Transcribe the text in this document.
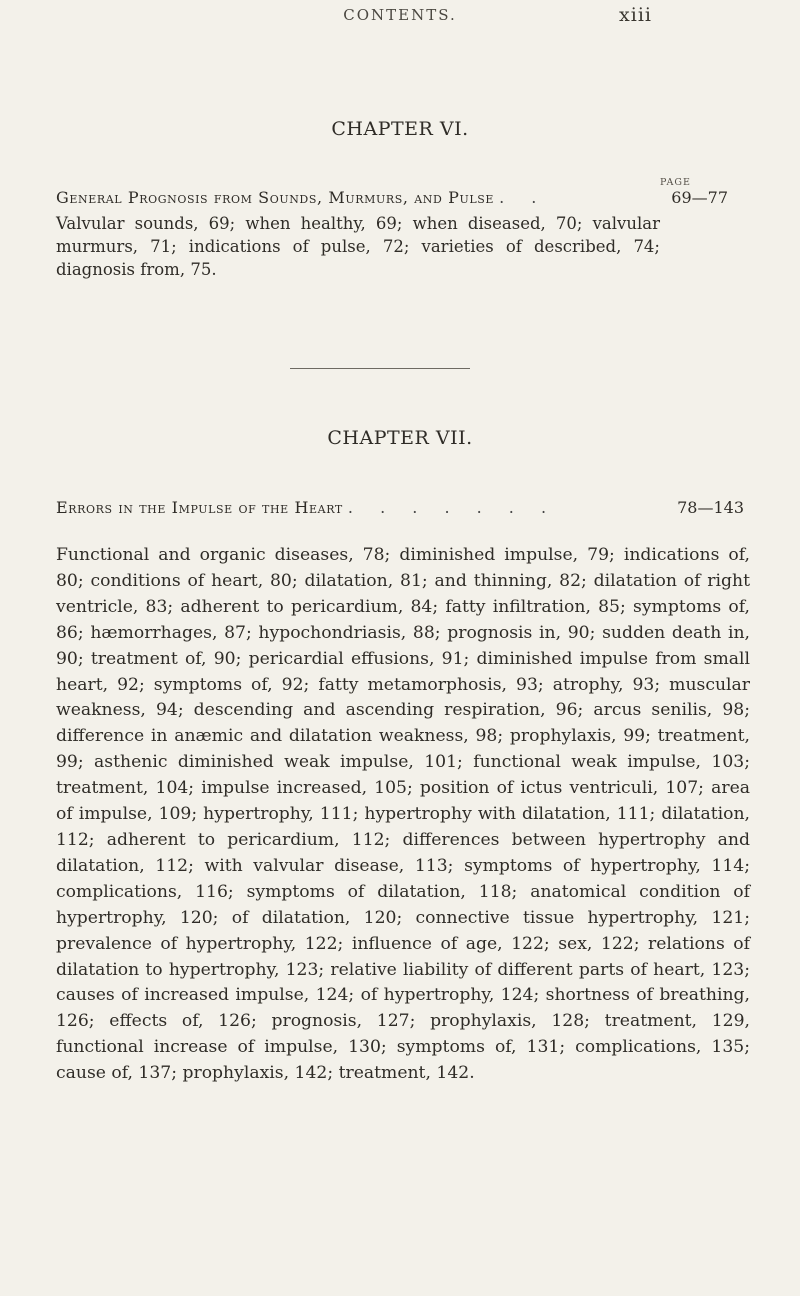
CONTENTS.	xiii
CHAPTER VI.
PAGE
General Prognosis from Sounds, Murmurs, and Pulse . .	69—77

Valvular sounds, 69; when healthy, 69; when diseased, 70; valvular murmurs, 71; indications of pulse, 72; varieties of described, 74; diagnosis from, 75.

CHAPTER VII.
Errors in the Impulse of the Heart . . . . . . .	78—143

Functional and organic diseases, 78; diminished impulse, 79; indications of, 80; conditions of heart, 80; dilatation, 81; and thinning, 82; dilatation of right ventricle, 83; adherent to pericardium, 84; fatty infiltration, 85; symptoms of, 86; hæmorrhages, 87; hypochondriasis, 88; prognosis in, 90; sudden death in, 90; treatment of, 90; pericardial effusions, 91; diminished impulse from small heart, 92; symptoms of, 92; fatty metamorphosis, 93; atrophy, 93; muscular weakness, 94; descending and ascending respiration, 96; arcus senilis, 98; difference in anæmic and dilatation weakness, 98; prophylaxis, 99; treatment, 99; asthenic diminished weak impulse, 101; functional weak impulse, 103; treatment, 104; impulse increased, 105; position of ictus ventriculi, 107; area of impulse, 109; hypertrophy, 111; hypertrophy with dilatation, 111; dilatation, 112; adherent to pericardium, 112; differences between hypertrophy and dilatation, 112; with valvular disease, 113; symptoms of hypertrophy, 114; complications, 116; symptoms of dilatation, 118; anatomical condition of hypertrophy, 120; of dilatation, 120; connective tissue hypertrophy, 121; prevalence of hypertrophy, 122; influence of age, 122; sex, 122; relations of dilatation to hypertrophy, 123; relative liability of different parts of heart, 123; causes of increased impulse, 124; of hypertrophy, 124; shortness of breathing, 126; effects of, 126; prognosis, 127; prophylaxis, 128; treatment, 129, functional increase of impulse, 130; symptoms of, 131; complications, 135; cause of, 137; prophylaxis, 142; treatment, 142.
